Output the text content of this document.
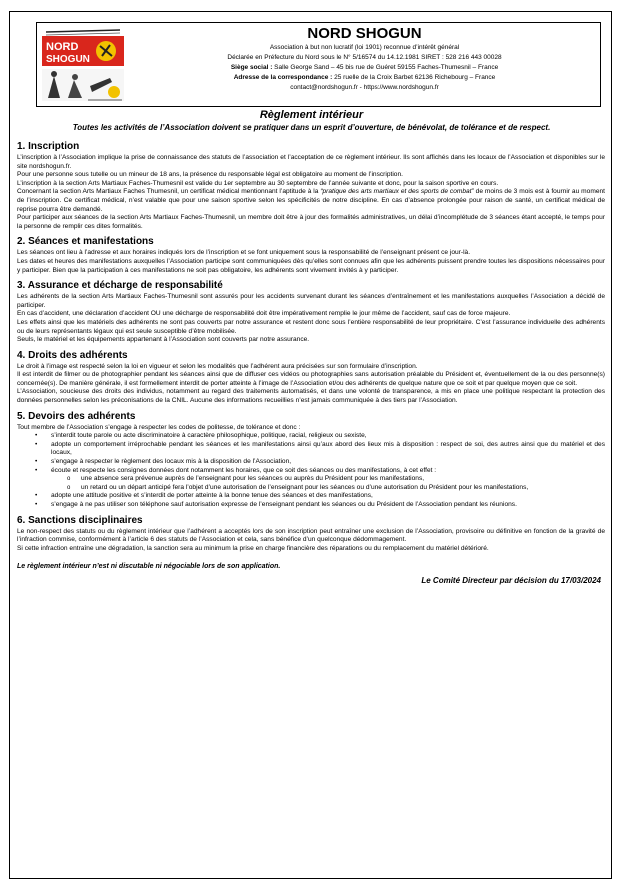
NORD
SHOGUN
NORD SHOGUN
Association à but non lucratif (loi 1901) reconnue d’intérêt général
Déclarée en Préfecture du Nord sous le N° 5/16574 du 14.12.1981 SIRET : 528 216 443 00028
Siège social : Salle George Sand – 45 bis rue de Guéret 59155 Faches-Thumesnil – France
Adresse de la correspondance : 25 ruelle de la Croix Barbet 62136 Richebourg – France
contact@nordshogun.fr - https://www.nordshogun.fr
Règlement intérieur
Toutes les activités de l’Association doivent se pratiquer dans un esprit d’ouverture, de bénévolat, de tolérance et de respect.
1. Inscription

L’inscription à l’Association implique la prise de connaissance des statuts de l’association et l’acceptation de ce règlement intérieur. Ils sont affichés dans les locaux de l’Association et disponibles sur le site nordshogun.fr.

Pour une personne sous tutelle ou un mineur de 18 ans, la présence du responsable légal est obligatoire au moment de l’inscription.

L’inscription à la section Arts Martiaux Faches-Thumesnil est valide du 1er septembre au 30 septembre de l’année suivante et donc, pour la saison sportive en cours.

Concernant la section Arts Martiaux Faches Thumesnil, un certificat médical mentionnant l’aptitude à la “pratique des arts martiaux et des sports de combat” de moins de 3 mois est à fournir au moment de l’inscription. Ce certificat médical, n’est valable que pour une saison sportive selon les spécificités de notre discipline. En cas d’absence prolongée pour raison de santé, un certificat médical de reprise pourra être demandé.

Pour participer aux séances de la section Arts Martiaux Faches-Thumesnil, un membre doit être à jour des formalités administratives, un délai d’incomplétude de 3 séances étant accepté, le temps pour la personne de remplir ces dites formalités.

2. Séances et manifestations

Les séances ont lieu à l’adresse et aux horaires indiqués lors de l’inscription et se font uniquement sous la responsabilité de l’enseignant présent ce jour-là.

Les dates et heures des manifestations auxquelles l’Association participe sont communiquées dès qu’elles sont connues afin que les adhérents puissent prendre toutes les dispositions nécessaires pour y participer. Bien que la participation à ces manifestations ne soit pas obligatoire, les adhérents sont vivement invités à y participer.

3. Assurance et décharge de responsabilité

Les adhérents de la section Arts Martiaux Faches-Thumesnil sont assurés pour les accidents survenant durant les séances d’entraînement et les manifestations auxquelles l’Association a décidé de participer.

En cas d’accident, une déclaration d’accident OU une décharge de responsabilité doit être impérativement remplie le jour même de l’accident, sauf cas de force majeure.

Les effets ainsi que les matériels des adhérents ne sont pas couverts par notre assurance et restent donc sous l’entière responsabilité de leur propriétaire. C’est l’assurance individuelle des adhérents ou de leurs représentants légaux qui est seule susceptible d’être mobilisée.

Seuls, le matériel et les équipements appartenant à l’Association sont couverts par notre assurance.

4. Droits des adhérents

Le droit à l’image est respecté selon la loi en vigueur et selon les modalités que l’adhérent aura précisées sur son formulaire d’inscription.

Il est interdit de filmer ou de photographier pendant les séances ainsi que de diffuser ces vidéos ou photographies sans autorisation préalable du Président et, éventuellement de la ou des personne(s) concernée(s). De manière générale, il est formellement interdit de porter atteinte à l’image de l’Association et/ou des adhérents de quelque nature que ce soit et par quelque moyen que ce soit.

L’Association, soucieuse des droits des individus, notamment au regard des traitements automatisés, et dans une volonté de transparence, a mis en place une politique respectant la protection des données personnelles selon les préconisations de la CNIL. Aucune des informations recueillies n’est jamais communiquée à des tiers par l’Association.

5. Devoirs des adhérents

Tout membre de l’Association s’engage à respecter les codes de politesse, de tolérance et donc :

• s’interdit toute parole ou acte discriminatoire à caractère philosophique, politique, racial, religieux ou sexiste,
• adopte un comportement irréprochable pendant les séances et les manifestations ainsi qu’aux abord des lieux mis à disposition : respect de soi, des autres ainsi que du matériel et des locaux,
• s’engage à respecter le règlement des locaux mis à la disposition de l’Association,
• écoute et respecte les consignes données dont notamment les horaires, que ce soit des séances ou des manifestations, à cet effet :
o une absence sera prévenue auprès de l’enseignant pour les séances ou auprès du Président pour les manifestations,
o un retard ou un départ anticipé fera l’objet d’une autorisation de l’enseignant pour les séances ou d’une autorisation du Président pour les manifestations,
• adopte une attitude positive et s’interdit de porter atteinte à la bonne tenue des séances et des manifestations,
• s’engage à ne pas utiliser son téléphone sauf autorisation expresse de l’enseignant pendant les séances ou du Président de l’Association pendant les réunions.
6. Sanctions disciplinaires

Le non-respect des statuts ou du règlement intérieur que l’adhérent a acceptés lors de son inscription peut entraîner une exclusion de l’Association, provisoire ou définitive en fonction de la gravité de l’infraction commise, conformément à l’article 6 des statuts de l’Association et cela, sans bénéfice d’un quelconque dédommagement.

Si cette infraction entraîne une dégradation, la sanction sera au minimum la prise en charge financière des réparations ou du remplacement du matériel détérioré.

Le règlement intérieur n’est ni discutable ni négociable lors de son application.
Le Comité Directeur par décision du 17/03/2024
